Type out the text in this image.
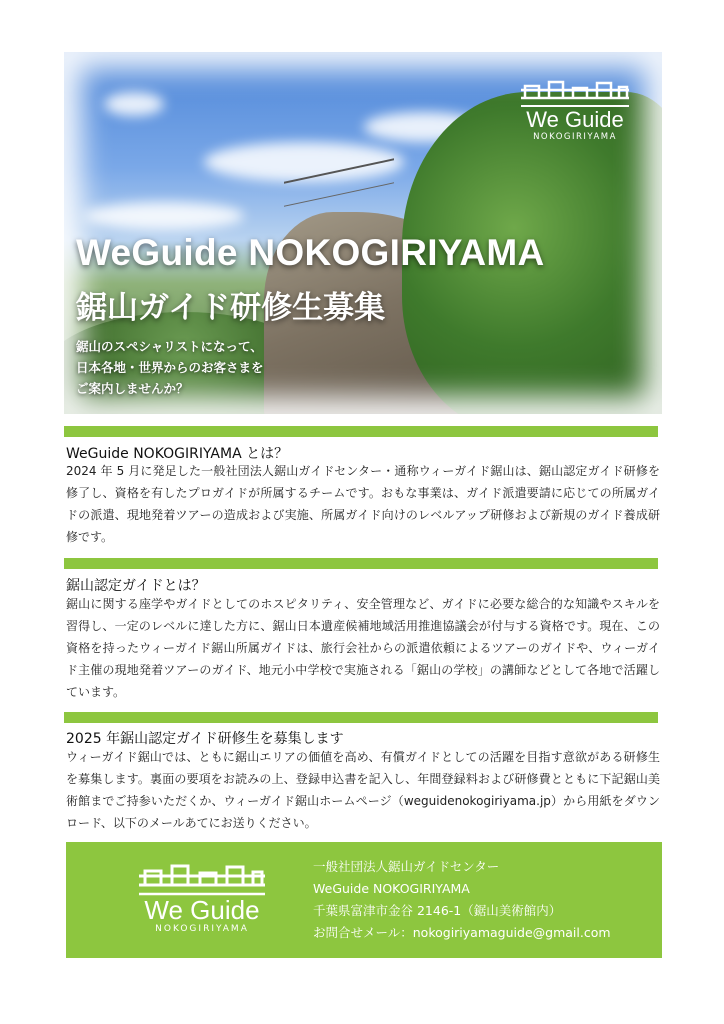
We Guide
NOKOGIRIYAMA
WeGuide NOKOGIRIYAMA
鋸山ガイド研修生募集

鋸山のスペシャリストになって、
日本各地・世界からのお客さまを
ご案内しませんか？

WeGuide NOKOGIRIYAMA とは？

2024 年 5 月に発足した一般社団法人鋸山ガイドセンター・通称ウィーガイド鋸山は、鋸山認定ガイド研修を修了し、資格を有したプロガイドが所属するチームです。おもな事業は、ガイド派遣要請に応じての所属ガイドの派遣、現地発着ツアーの造成および実施、所属ガイド向けのレベルアップ研修および新規のガイド養成研修です。

鋸山認定ガイドとは？

鋸山に関する座学やガイドとしてのホスピタリティ、安全管理など、ガイドに必要な総合的な知識やスキルを習得し、一定のレベルに達した方に、鋸山日本遺産候補地域活用推進協議会が付与する資格です。現在、この資格を持ったウィーガイド鋸山所属ガイドは、旅行会社からの派遣依頼によるツアーのガイドや、ウィーガイド主催の現地発着ツアーのガイド、地元小中学校で実施される「鋸山の学校」の講師などとして各地で活躍しています。

2025 年鋸山認定ガイド研修生を募集します

ウィーガイド鋸山では、ともに鋸山エリアの価値を高め、有償ガイドとしての活躍を目指す意欲がある研修生を募集します。裏面の要項をお読みの上、登録申込書を記入し、年間登録料および研修費とともに下記鋸山美術館までご持参いただくか、ウィーガイド鋸山ホームページ（weguidenokogiriyama.jp）から用紙をダウンロード、以下のメールあてにお送りください。

We Guide
NOKOGIRIYAMA
一般社団法人鋸山ガイドセンター
WeGuide NOKOGIRIYAMA
千葉県富津市金谷 2146-1（鋸山美術館内）
お問合せメール：nokogiriyamaguide@gmail.com
